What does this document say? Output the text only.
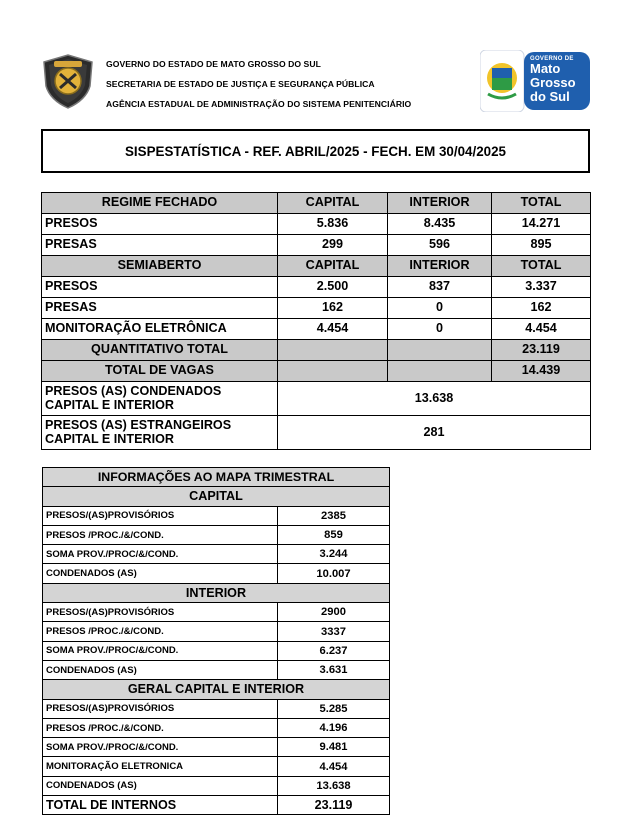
GOVERNO DO ESTADO DE MATO GROSSO DO SUL
SECRETARIA DE ESTADO DE JUSTIÇA E SEGURANÇA PÚBLICA
AGÊNCIA ESTADUAL DE ADMINISTRAÇÃO DO SISTEMA PENITENCIÁRIO
GOVERNO DE
Mato
Grosso
do Sul
SISPESTATÍSTICA - REF. ABRIL/2025 - FECH. EM 30/04/2025
REGIME FECHADO	CAPITAL	INTERIOR	TOTAL
PRESOS	5.836	8.435	14.271
PRESAS	299	596	895
SEMIABERTO	CAPITAL	INTERIOR	TOTAL
PRESOS	2.500	837	3.337
PRESAS	162	0	162
MONITORAÇÃO ELETRÔNICA	4.454	0	4.454
QUANTITATIVO TOTAL			23.119
TOTAL DE VAGAS			14.439

PRESOS (AS) CONDENADOS
CAPITAL E INTERIOR	13.638		

PRESOS (AS) ESTRANGEIROS
CAPITAL E INTERIOR	281		
INFORMAÇÕES AO MAPA TRIMESTRAL	
CAPITAL	
PRESOS/(AS)PROVISÓRIOS	2385
PRESOS /PROC./&/COND.	859
SOMA PROV./PROC/&/COND.	3.244
CONDENADOS (AS)	10.007
INTERIOR	
PRESOS/(AS)PROVISÓRIOS	2900
PRESOS /PROC./&/COND.	3337
SOMA PROV./PROC/&/COND.	6.237
CONDENADOS (AS)	3.631
GERAL CAPITAL E INTERIOR	
PRESOS/(AS)PROVISÓRIOS	5.285
PRESOS /PROC./&/COND.	4.196
SOMA PROV./PROC/&/COND.	9.481
MONITORAÇÃO ELETRONICA	4.454
CONDENADOS (AS)	13.638
TOTAL DE INTERNOS	23.119
